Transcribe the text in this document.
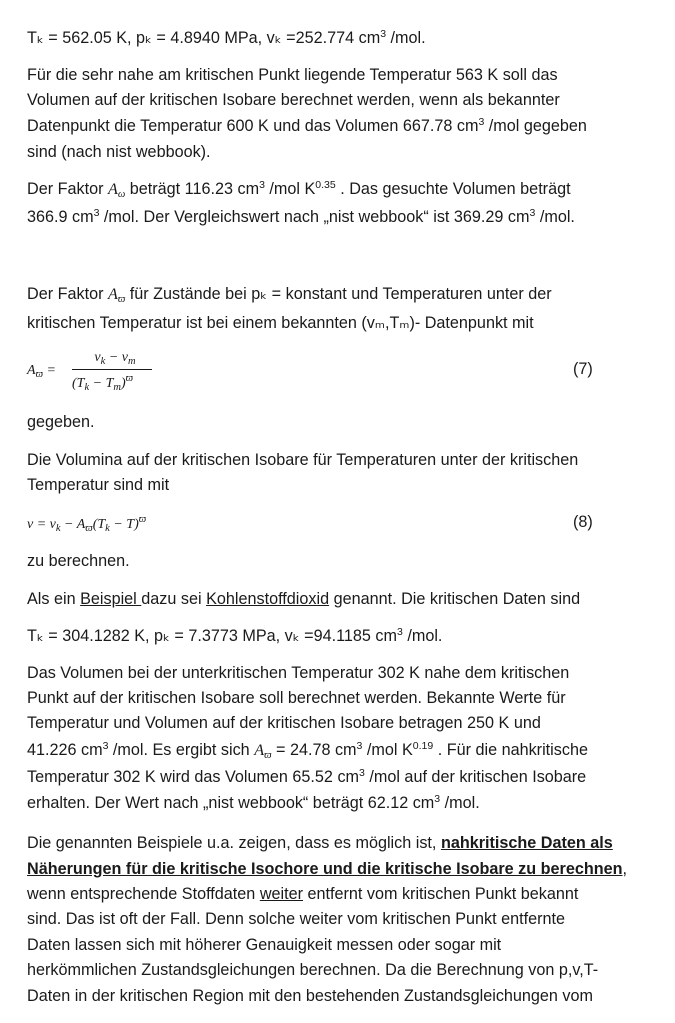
Tₖ = 562.05 K, pₖ = 4.8940 MPa, vₖ =252.774 $cm^3$ /mol.
Für die sehr nahe am kritischen Punkt liegende Temperatur 563 K soll das
Volumen auf der kritischen Isobare berechnet werden, wenn als bekannter
Datenpunkt die Temperatur 600 K und das Volumen 667.78 $cm^3$ /mol gegeben
sind (nach nist webbook).
Der Faktor $A_\omega$ beträgt 116.23 $cm^3$ /mol $K^{0.35}$ . Das gesuchte Volumen beträgt
366.9 $cm^3$ /mol. Der Vergleichswert nach „nist webbook“ ist 369.29 $cm^3$ /mol.
Der Faktor $A_ϖ$ für Zustände bei pₖ = konstant und Temperaturen unter der
kritischen Temperatur ist bei einem bekannten (vₘ,Tₘ)- Datenpunkt mit
$A_ϖ$ =
$v_k - v_m$
$(T_k - T_m)^ϖ$
(7)
gegeben.
Die Volumina auf der kritischen Isobare für Temperaturen unter der kritischen
Temperatur sind mit
$v = v_k - A_ϖ(T_k - T)^ϖ$	(8)
zu berechnen.
Als ein Beispiel dazu sei Kohlenstoffdioxid genannt. Die kritischen Daten sind
Tₖ = 304.1282 K, pₖ = 7.3773 MPa, vₖ =94.1185 $cm^3$ /mol.
Das Volumen bei der unterkritischen Temperatur 302 K nahe dem kritischen
Punkt auf der kritischen Isobare soll berechnet werden. Bekannte Werte für
Temperatur und Volumen auf der kritischen Isobare betragen 250 K und
41.226 $cm^3$ /mol. Es ergibt sich $A_ϖ = 24.78$ $cm^3$ /mol $K^{0.19}$ . Für die nahkritische
Temperatur 302 K wird das Volumen 65.52 $cm^3$ /mol auf der kritischen Isobare
erhalten. Der Wert nach „nist webbook“ beträgt 62.12 $cm^3$ /mol.
Die genannten Beispiele u.a. zeigen, dass es möglich ist, nahkritische Daten als
Näherungen für die kritische Isochore und die kritische Isobare zu berechnen,
wenn entsprechende Stoffdaten weiter entfernt vom kritischen Punkt bekannt
sind. Das ist oft der Fall. Denn solche weiter vom kritischen Punkt entfernte
Daten lassen sich mit höherer Genauigkeit messen oder sogar mit
herkömmlichen Zustandsgleichungen berechnen. Da die Berechnung von p,v,T-
Daten in der kritischen Region mit den bestehenden Zustandsgleichungen vom
